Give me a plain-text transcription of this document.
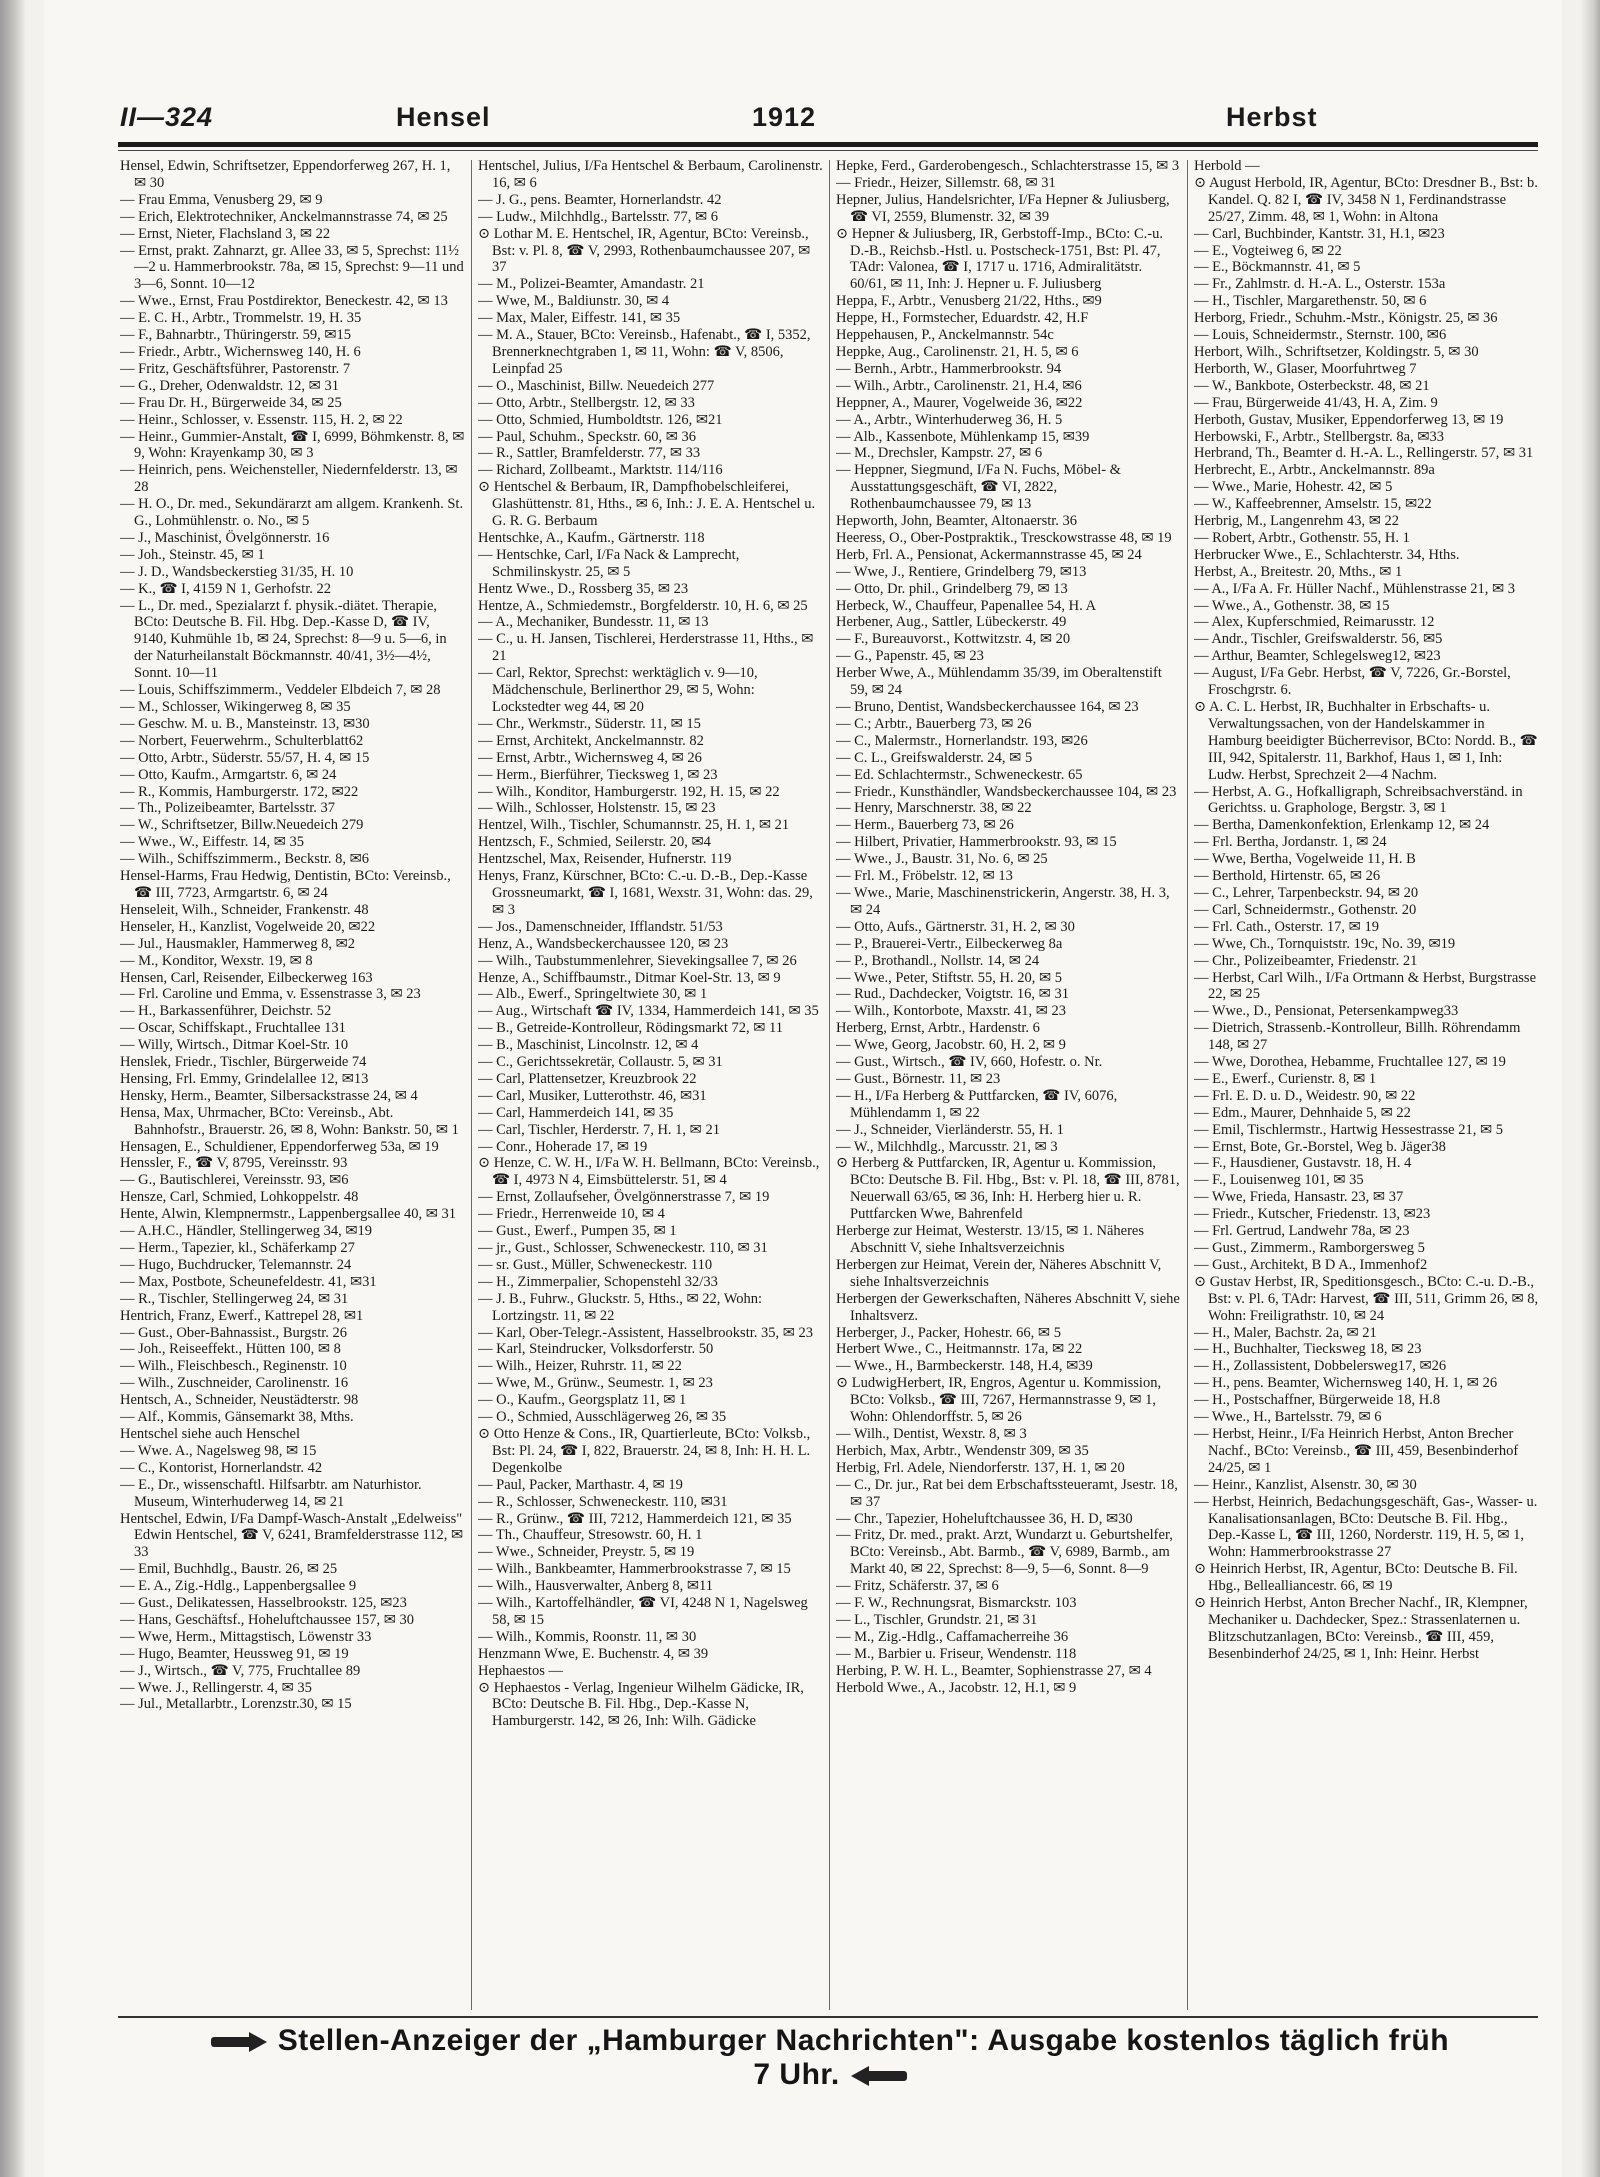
II—324	Hensel	1912	Herbst

Hensel, Edwin, Schriftsetzer, Eppendorferweg 267, H. 1, ✉ 30

— Frau Emma, Venusberg 29, ✉ 9

— Erich, Elektrotechniker, Anckelmannstrasse 74, ✉ 25

— Ernst, Nieter, Flachsland 3, ✉ 22

— Ernst, prakt. Zahnarzt, gr. Allee 33, ✉ 5, Sprechst: 11½—2 u. Hammerbrookstr. 78a, ✉ 15, Sprechst: 9—11 und 3—6, Sonnt. 10—12

— Wwe., Ernst, Frau Postdirektor, Beneckestr. 42, ✉ 13

— E. C. H., Arbtr., Trommelstr. 19, H. 35

— F., Bahnarbtr., Thüringerstr. 59, ✉15

— Friedr., Arbtr., Wichernsweg 140, H. 6

— Fritz, Geschäftsführer, Pastorenstr. 7

— G., Dreher, Odenwaldstr. 12, ✉ 31

— Frau Dr. H., Bürgerweide 34, ✉ 25

— Heinr., Schlosser, v. Essenstr. 115, H. 2, ✉ 22

— Heinr., Gummier-Anstalt, ☎ I, 6999, Böhmkenstr. 8, ✉ 9, Wohn: Krayenkamp 30, ✉ 3

— Heinrich, pens. Weichensteller, Niedernfelderstr. 13, ✉ 28

— H. O., Dr. med., Sekundärarzt am allgem. Krankenh. St. G., Lohmühlenstr. o. No., ✉ 5

— J., Maschinist, Övelgönnerstr. 16

— Joh., Steinstr. 45, ✉ 1

— J. D., Wandsbeckerstieg 31/35, H. 10

— K., ☎ I, 4159 N 1, Gerhofstr. 22

— L., Dr. med., Spezialarzt f. physik.-diätet. Therapie, BCto: Deutsche B. Fil. Hbg. Dep.-Kasse D, ☎ IV, 9140, Kuhmühle 1b, ✉ 24, Sprechst: 8—9 u. 5—6, in der Naturheilanstalt Böckmannstr. 40/41, 3½—4½, Sonnt. 10—11

— Louis, Schiffszimmerm., Veddeler Elbdeich 7, ✉ 28

— M., Schlosser, Wikingerweg 8, ✉ 35

— Geschw. M. u. B., Mansteinstr. 13, ✉30

— Norbert, Feuerwehrm., Schulterblatt62

— Otto, Arbtr., Süderstr. 55/57, H. 4, ✉ 15

— Otto, Kaufm., Armgartstr. 6, ✉ 24

— R., Kommis, Hamburgerstr. 172, ✉22

— Th., Polizeibeamter, Bartelsstr. 37

— W., Schriftsetzer, Billw.Neuedeich 279

— Wwe., W., Eiffestr. 14, ✉ 35

— Wilh., Schiffszimmerm., Beckstr. 8, ✉6

Hensel-Harms, Frau Hedwig, Dentistin, BCto: Vereinsb., ☎ III, 7723, Armgartstr. 6, ✉ 24

Henseleit, Wilh., Schneider, Frankenstr. 48

Henseler, H., Kanzlist, Vogelweide 20, ✉22

— Jul., Hausmakler, Hammerweg 8, ✉2

— M., Konditor, Wexstr. 19, ✉ 8

Hensen, Carl, Reisender, Eilbeckerweg 163

— Frl. Caroline und Emma, v. Essenstrasse 3, ✉ 23

— H., Barkassenführer, Deichstr. 52

— Oscar, Schiffskapt., Fruchtallee 131

— Willy, Wirtsch., Ditmar Koel-Str. 10

Henslek, Friedr., Tischler, Bürgerweide 74

Hensing, Frl. Emmy, Grindelallee 12, ✉13

Hensky, Herm., Beamter, Silbersackstrasse 24, ✉ 4

Hensa, Max, Uhrmacher, BCto: Vereinsb., Abt. Bahnhofstr., Brauerstr. 26, ✉ 8, Wohn: Bankstr. 50, ✉ 1

Hensagen, E., Schuldiener, Eppendorferweg 53a, ✉ 19

Henssler, F., ☎ V, 8795, Vereinsstr. 93

— G., Bautischlerei, Vereinsstr. 93, ✉6

Hensze, Carl, Schmied, Lohkoppelstr. 48

Hente, Alwin, Klempnermstr., Lappenbergsallee 40, ✉ 31

— A.H.C., Händler, Stellingerweg 34, ✉19

— Herm., Tapezier, kl., Schäferkamp 27

— Hugo, Buchdrucker, Telemannstr. 24

— Max, Postbote, Scheunefeldestr. 41, ✉31

— R., Tischler, Stellingerweg 24, ✉ 31

Hentrich, Franz, Ewerf., Kattrepel 28, ✉1

— Gust., Ober-Bahnassist., Burgstr. 26

— Joh., Reiseeffekt., Hütten 100, ✉ 8

— Wilh., Fleischbesch., Reginenstr. 10

— Wilh., Zuschneider, Carolinenstr. 16

Hentsch, A., Schneider, Neustädterstr. 98

— Alf., Kommis, Gänsemarkt 38, Mths.

Hentschel siehe auch Henschel

— Wwe. A., Nagelsweg 98, ✉ 15

— C., Kontorist, Hornerlandstr. 42

— E., Dr., wissenschaftl. Hilfsarbtr. am Naturhistor. Museum, Winterhuderweg 14, ✉ 21

Hentschel, Edwin, I/Fa Dampf-Wasch-Anstalt „Edelweiss" Edwin Hentschel, ☎ V, 6241, Bramfelderstrasse 112, ✉ 33

— Emil, Buchhdlg., Baustr. 26, ✉ 25

— E. A., Zig.-Hdlg., Lappenbergsallee 9

— Gust., Delikatessen, Hasselbrookstr. 125, ✉23

— Hans, Geschäftsf., Hoheluftchaussee 157, ✉ 30

— Wwe, Herm., Mittagstisch, Löwenstr 33

— Hugo, Beamter, Heussweg 91, ✉ 19

— J., Wirtsch., ☎ V, 775, Fruchtallee 89

— Wwe. J., Rellingerstr. 4, ✉ 35

— Jul., Metallarbtr., Lorenzstr.30, ✉ 15

Hentschel, Julius, I/Fa Hentschel & Berbaum, Carolinenstr. 16, ✉ 6

— J. G., pens. Beamter, Hornerlandstr. 42

— Ludw., Milchhdlg., Bartelsstr. 77, ✉ 6

⊙ Lothar M. E. Hentschel, IR, Agentur, BCto: Vereinsb., Bst: v. Pl. 8, ☎ V, 2993, Rothenbaumchaussee 207, ✉ 37

— M., Polizei-Beamter, Amandastr. 21

— Wwe, M., Baldiunstr. 30, ✉ 4

— Max, Maler, Eiffestr. 141, ✉ 35

— M. A., Stauer, BCto: Vereinsb., Hafenabt., ☎ I, 5352, Brennerknechtgraben 1, ✉ 11, Wohn: ☎ V, 8506, Leinpfad 25

— O., Maschinist, Billw. Neuedeich 277

— Otto, Arbtr., Stellbergstr. 12, ✉ 33

— Otto, Schmied, Humboldtstr. 126, ✉21

— Paul, Schuhm., Speckstr. 60, ✉ 36

— R., Sattler, Bramfelderstr. 77, ✉ 33

— Richard, Zollbeamt., Marktstr. 114/116

⊙ Hentschel & Berbaum, IR, Dampfhobelschleiferei, Glashüttenstr. 81, Hths., ✉ 6, Inh.: J. E. A. Hentschel u. G. R. G. Berbaum

Hentschke, A., Kaufm., Gärtnerstr. 118

— Hentschke, Carl, I/Fa Nack & Lamprecht, Schmilinskystr. 25, ✉ 5

Hentz Wwe., D., Rossberg 35, ✉ 23

Hentze, A., Schmiedemstr., Borgfelderstr. 10, H. 6, ✉ 25

— A., Mechaniker, Bundesstr. 11, ✉ 13

— C., u. H. Jansen, Tischlerei, Herderstrasse 11, Hths., ✉ 21

— Carl, Rektor, Sprechst: werktäglich v. 9—10, Mädchenschule, Berlinerthor 29, ✉ 5, Wohn: Lockstedter weg 44, ✉ 20

— Chr., Werkmstr., Süderstr. 11, ✉ 15

— Ernst, Architekt, Anckelmannstr. 82

— Ernst, Arbtr., Wichernsweg 4, ✉ 26

— Herm., Bierführer, Tiecksweg 1, ✉ 23

— Wilh., Konditor, Hamburgerstr. 192, H. 15, ✉ 22

— Wilh., Schlosser, Holstenstr. 15, ✉ 23

Hentzel, Wilh., Tischler, Schumannstr. 25, H. 1, ✉ 21

Hentzsch, F., Schmied, Seilerstr. 20, ✉4

Hentzschel, Max, Reisender, Hufnerstr. 119

Henys, Franz, Kürschner, BCto: C.-u. D.-B., Dep.-Kasse Grossneumarkt, ☎ I, 1681, Wexstr. 31, Wohn: das. 29, ✉ 3

— Jos., Damenschneider, Ifflandstr. 51/53

Henz, A., Wandsbeckerchaussee 120, ✉ 23

— Wilh., Taubstummenlehrer, Sievekingsallee 7, ✉ 26

Henze, A., Schiffbaumstr., Ditmar Koel-Str. 13, ✉ 9

— Alb., Ewerf., Springeltwiete 30, ✉ 1

— Aug., Wirtschaft ☎ IV, 1334, Hammerdeich 141, ✉ 35

— B., Getreide-Kontrolleur, Rödingsmarkt 72, ✉ 11

— B., Maschinist, Lincolnstr. 12, ✉ 4

— C., Gerichtssekretär, Collaustr. 5, ✉ 31

— Carl, Plattensetzer, Kreuzbrook 22

— Carl, Musiker, Lutterothstr. 46, ✉31

— Carl, Hammerdeich 141, ✉ 35

— Carl, Tischler, Herderstr. 7, H. 1, ✉ 21

— Conr., Hoherade 17, ✉ 19

⊙ Henze, C. W. H., I/Fa W. H. Bellmann, BCto: Vereinsb., ☎ I, 4973 N 4, Eimsbüttelerstr. 51, ✉ 4

— Ernst, Zollaufseher, Övelgönnerstrasse 7, ✉ 19

— Friedr., Herrenweide 10, ✉ 4

— Gust., Ewerf., Pumpen 35, ✉ 1

— jr., Gust., Schlosser, Schweneckestr. 110, ✉ 31

— sr. Gust., Müller, Schweneckestr. 110

— H., Zimmerpalier, Schopenstehl 32/33

— J. B., Fuhrw., Gluckstr. 5, Hths., ✉ 22, Wohn: Lortzingstr. 11, ✉ 22

— Karl, Ober-Telegr.-Assistent, Hasselbrookstr. 35, ✉ 23

— Karl, Steindrucker, Volksdorferstr. 50

— Wilh., Heizer, Ruhrstr. 11, ✉ 22

— Wwe, M., Grünw., Seumestr. 1, ✉ 23

— O., Kaufm., Georgsplatz 11, ✉ 1

— O., Schmied, Ausschlägerweg 26, ✉ 35

⊙ Otto Henze & Cons., IR, Quartierleute, BCto: Volksb., Bst: Pl. 24, ☎ I, 822, Brauerstr. 24, ✉ 8, Inh: H. H. L. Degenkolbe

— Paul, Packer, Marthastr. 4, ✉ 19

— R., Schlosser, Schweneckestr. 110, ✉31

— R., Grünw., ☎ III, 7212, Hammerdeich 121, ✉ 35

— Th., Chauffeur, Stresowstr. 60, H. 1

— Wwe., Schneider, Preystr. 5, ✉ 19

— Wilh., Bankbeamter, Hammerbrookstrasse 7, ✉ 15

— Wilh., Hausverwalter, Anberg 8, ✉11

— Wilh., Kartoffelhändler, ☎ VI, 4248 N 1, Nagelsweg 58, ✉ 15

— Wilh., Kommis, Roonstr. 11, ✉ 30

Henzmann Wwe, E. Buchenstr. 4, ✉ 39

Hephaestos —

⊙ Hephaestos - Verlag, Ingenieur Wilhelm Gädicke, IR, BCto: Deutsche B. Fil. Hbg., Dep.-Kasse N, Hamburgerstr. 142, ✉ 26, Inh: Wilh. Gädicke

Hepke, Ferd., Garderobengesch., Schlachterstrasse 15, ✉ 3

— Friedr., Heizer, Sillemstr. 68, ✉ 31

Hepner, Julius, Handelsrichter, I/Fa Hepner & Juliusberg, ☎ VI, 2559, Blumenstr. 32, ✉ 39

⊙ Hepner & Juliusberg, IR, Gerbstoff-Imp., BCto: C.-u. D.-B., Reichsb.-Hstl. u. Postscheck-1751, Bst: Pl. 47, TAdr: Valonea, ☎ I, 1717 u. 1716, Admiralitätstr. 60/61, ✉ 11, Inh: J. Hepner u. F. Juliusberg

Heppa, F., Arbtr., Venusberg 21/22, Hths., ✉9

Heppe, H., Formstecher, Eduardstr. 42, H.F

Heppehausen, P., Anckelmannstr. 54c

Heppke, Aug., Carolinenstr. 21, H. 5, ✉ 6

— Bernh., Arbtr., Hammerbrookstr. 94

— Wilh., Arbtr., Carolinenstr. 21, H.4, ✉6

Heppner, A., Maurer, Vogelweide 36, ✉22

— A., Arbtr., Winterhuderweg 36, H. 5

— Alb., Kassenbote, Mühlenkamp 15, ✉39

— M., Drechsler, Kampstr. 27, ✉ 6

— Heppner, Siegmund, I/Fa N. Fuchs, Möbel- & Ausstattungsgeschäft, ☎ VI, 2822, Rothenbaumchaussee 79, ✉ 13

Hepworth, John, Beamter, Altonaerstr. 36

Heeress, O., Ober-Postpraktik., Tresckowstrasse 48, ✉ 19

Herb, Frl. A., Pensionat, Ackermannstrasse 45, ✉ 24

— Wwe, J., Rentiere, Grindelberg 79, ✉13

— Otto, Dr. phil., Grindelberg 79, ✉ 13

Herbeck, W., Chauffeur, Papenallee 54, H. A

Herbener, Aug., Sattler, Lübeckerstr. 49

— F., Bureauvorst., Kottwitzstr. 4, ✉ 20

— G., Papenstr. 45, ✉ 23

Herber Wwe, A., Mühlendamm 35/39, im Oberaltenstift 59, ✉ 24

— Bruno, Dentist, Wandsbeckerchaussee 164, ✉ 23

— C.; Arbtr., Bauerberg 73, ✉ 26

— C., Malermstr., Hornerlandstr. 193, ✉26

— C. L., Greifswalderstr. 24, ✉ 5

— Ed. Schlachtermstr., Schweneckestr. 65

— Friedr., Kunsthändler, Wandsbeckerchaussee 104, ✉ 23

— Henry, Marschnerstr. 38, ✉ 22

— Herm., Bauerberg 73, ✉ 26

— Hilbert, Privatier, Hammerbrookstr. 93, ✉ 15

— Wwe., J., Baustr. 31, No. 6, ✉ 25

— Frl. M., Fröbelstr. 12, ✉ 13

— Wwe., Marie, Maschinenstrickerin, Angerstr. 38, H. 3, ✉ 24

— Otto, Aufs., Gärtnerstr. 31, H. 2, ✉ 30

— P., Brauerei-Vertr., Eilbeckerweg 8a

— P., Brothandl., Nollstr. 14, ✉ 24

— Wwe., Peter, Stiftstr. 55, H. 20, ✉ 5

— Rud., Dachdecker, Voigtstr. 16, ✉ 31

— Wilh., Kontorbote, Maxstr. 41, ✉ 23

Herberg, Ernst, Arbtr., Hardenstr. 6

— Wwe, Georg, Jacobstr. 60, H. 2, ✉ 9

— Gust., Wirtsch., ☎ IV, 660, Hofestr. o. Nr.

— Gust., Börnestr. 11, ✉ 23

— H., I/Fa Herberg & Puttfarcken, ☎ IV, 6076, Mühlendamm 1, ✉ 22

— J., Schneider, Vierländerstr. 55, H. 1

— W., Milchhdlg., Marcusstr. 21, ✉ 3

⊙ Herberg & Puttfarcken, IR, Agentur u. Kommission, BCto: Deutsche B. Fil. Hbg., Bst: v. Pl. 18, ☎ III, 8781, Neuerwall 63/65, ✉ 36, Inh: H. Herberg hier u. R. Puttfarcken Wwe, Bahrenfeld

Herberge zur Heimat, Westerstr. 13/15, ✉ 1. Näheres Abschnitt V, siehe Inhaltsverzeichnis

Herbergen zur Heimat, Verein der, Näheres Abschnitt V, siehe Inhaltsverzeichnis

Herbergen der Gewerkschaften, Näheres Abschnitt V, siehe Inhaltsverz.

Herberger, J., Packer, Hohestr. 66, ✉ 5

Herbert Wwe., C., Heitmannstr. 17a, ✉ 22

— Wwe., H., Barmbeckerstr. 148, H.4, ✉39

⊙ LudwigHerbert, IR, Engros, Agentur u. Kommission, BCto: Volksb., ☎ III, 7267, Hermannstrasse 9, ✉ 1, Wohn: Ohlendorffstr. 5, ✉ 26

— Wilh., Dentist, Wexstr. 8, ✉ 3

Herbich, Max, Arbtr., Wendenstr 309, ✉ 35

Herbig, Frl. Adele, Niendorferstr. 137, H. 1, ✉ 20

— C., Dr. jur., Rat bei dem Erbschaftssteueramt, Jsestr. 18, ✉ 37

— Chr., Tapezier, Hoheluftchaussee 36, H. D, ✉30

— Fritz, Dr. med., prakt. Arzt, Wundarzt u. Geburtshelfer, BCto: Vereinsb., Abt. Barmb., ☎ V, 6989, Barmb., am Markt 40, ✉ 22, Sprechst: 8—9, 5—6, Sonnt. 8—9

— Fritz, Schäferstr. 37, ✉ 6

— F. W., Rechnungsrat, Bismarckstr. 103

— L., Tischler, Grundstr. 21, ✉ 31

— M., Zig.-Hdlg., Caffamacherreihe 36

— M., Barbier u. Friseur, Wendenstr. 118

Herbing, P. W. H. L., Beamter, Sophienstrasse 27, ✉ 4

Herbold Wwe., A., Jacobstr. 12, H.1, ✉ 9

Herbold —

⊙ August Herbold, IR, Agentur, BCto: Dresdner B., Bst: b. Kandel. Q. 82 I, ☎ IV, 3458 N 1, Ferdinandstrasse 25/27, Zimm. 48, ✉ 1, Wohn: in Altona

— Carl, Buchbinder, Kantstr. 31, H.1, ✉23

— E., Vogteiweg 6, ✉ 22

— E., Böckmannstr. 41, ✉ 5

— Fr., Zahlmstr. d. H.-A. L., Osterstr. 153a

— H., Tischler, Margarethenstr. 50, ✉ 6

Herborg, Friedr., Schuhm.-Mstr., Königstr. 25, ✉ 36

— Louis, Schneidermstr., Sternstr. 100, ✉6

Herbort, Wilh., Schriftsetzer, Koldingstr. 5, ✉ 30

Herborth, W., Glaser, Moorfuhrtweg 7

— W., Bankbote, Osterbeckstr. 48, ✉ 21

— Frau, Bürgerweide 41/43, H. A, Zim. 9

Herboth, Gustav, Musiker, Eppendorferweg 13, ✉ 19

Herbowski, F., Arbtr., Stellbergstr. 8a, ✉33

Herbrand, Th., Beamter d. H.-A. L., Rellingerstr. 57, ✉ 31

Herbrecht, E., Arbtr., Anckelmannstr. 89a

— Wwe., Marie, Hohestr. 42, ✉ 5

— W., Kaffeebrenner, Amselstr. 15, ✉22

Herbrig, M., Langenrehm 43, ✉ 22

— Robert, Arbtr., Gothenstr. 55, H. 1

Herbrucker Wwe., E., Schlachterstr. 34, Hths.

Herbst, A., Breitestr. 20, Mths., ✉ 1

— A., I/Fa A. Fr. Hüller Nachf., Mühlenstrasse 21, ✉ 3

— Wwe., A., Gothenstr. 38, ✉ 15

— Alex, Kupferschmied, Reimarusstr. 12

— Andr., Tischler, Greifswalderstr. 56, ✉5

— Arthur, Beamter, Schlegelsweg12, ✉23

— August, I/Fa Gebr. Herbst, ☎ V, 7226, Gr.-Borstel, Froschgrstr. 6.

⊙ A. C. L. Herbst, IR, Buchhalter in Erbschafts- u. Verwaltungssachen, von der Handelskammer in Hamburg beeidigter Bücherrevisor, BCto: Nordd. B., ☎ III, 942, Spitalerstr. 11, Barkhof, Haus 1, ✉ 1, Inh: Ludw. Herbst, Sprechzeit 2—4 Nachm.

— Herbst, A. G., Hofkalligraph, Schreibsachverständ. in Gerichtss. u. Graphologe, Bergstr. 3, ✉ 1

— Bertha, Damenkonfektion, Erlenkamp 12, ✉ 24

— Frl. Bertha, Jordanstr. 1, ✉ 24

— Wwe, Bertha, Vogelweide 11, H. B

— Berthold, Hirtenstr. 65, ✉ 26

— C., Lehrer, Tarpenbeckstr. 94, ✉ 20

— Carl, Schneidermstr., Gothenstr. 20

— Frl. Cath., Osterstr. 17, ✉ 19

— Wwe, Ch., Tornquiststr. 19c, No. 39, ✉19

— Chr., Polizeibeamter, Friedenstr. 21

— Herbst, Carl Wilh., I/Fa Ortmann & Herbst, Burgstrasse 22, ✉ 25

— Wwe., D., Pensionat, Petersenkampweg33

— Dietrich, Strassenb.-Kontrolleur, Billh. Röhrendamm 148, ✉ 27

— Wwe, Dorothea, Hebamme, Fruchtallee 127, ✉ 19

— E., Ewerf., Curienstr. 8, ✉ 1

— Frl. E. D. u. D., Weidestr. 90, ✉ 22

— Edm., Maurer, Dehnhaide 5, ✉ 22

— Emil, Tischlermstr., Hartwig Hessestrasse 21, ✉ 5

— Ernst, Bote, Gr.-Borstel, Weg b. Jäger38

— F., Hausdiener, Gustavstr. 18, H. 4

— F., Louisenweg 101, ✉ 35

— Wwe, Frieda, Hansastr. 23, ✉ 37

— Friedr., Kutscher, Friedenstr. 13, ✉23

— Frl. Gertrud, Landwehr 78a, ✉ 23

— Gust., Zimmerm., Ramborgersweg 5

— Gust., Architekt, B D A., Immenhof2

⊙ Gustav Herbst, IR, Speditionsgesch., BCto: C.-u. D.-B., Bst: v. Pl. 6, TAdr: Harvest, ☎ III, 511, Grimm 26, ✉ 8, Wohn: Freiligrathstr. 10, ✉ 24

— H., Maler, Bachstr. 2a, ✉ 21

— H., Buchhalter, Tiecksweg 18, ✉ 23

— H., Zollassistent, Dobbelersweg17, ✉26

— H., pens. Beamter, Wichernsweg 140, H. 1, ✉ 26

— H., Postschaffner, Bürgerweide 18, H.8

— Wwe., H., Bartelsstr. 79, ✉ 6

— Herbst, Heinr., I/Fa Heinrich Herbst, Anton Brecher Nachf., BCto: Vereinsb., ☎ III, 459, Besenbinderhof 24/25, ✉ 1

— Heinr., Kanzlist, Alsenstr. 30, ✉ 30

— Herbst, Heinrich, Bedachungsgeschäft, Gas-, Wasser- u. Kanalisationsanlagen, BCto: Deutsche B. Fil. Hbg., Dep.-Kasse L, ☎ III, 1260, Norderstr. 119, H. 5, ✉ 1, Wohn: Hammerbrookstrasse 27

⊙ Heinrich Herbst, IR, Agentur, BCto: Deutsche B. Fil. Hbg., Bellealliancestr. 66, ✉ 19

⊙ Heinrich Herbst, Anton Brecher Nachf., IR, Klempner, Mechaniker u. Dachdecker, Spez.: Strassenlaternen u. Blitzschutzanlagen, BCto: Vereinsb., ☎ III, 459, Besenbinderhof 24/25, ✉ 1, Inh: Heinr. Herbst

Stellen-Anzeiger der „Hamburger Nachrichten": Ausgabe kostenlos täglich früh 7 Uhr.
